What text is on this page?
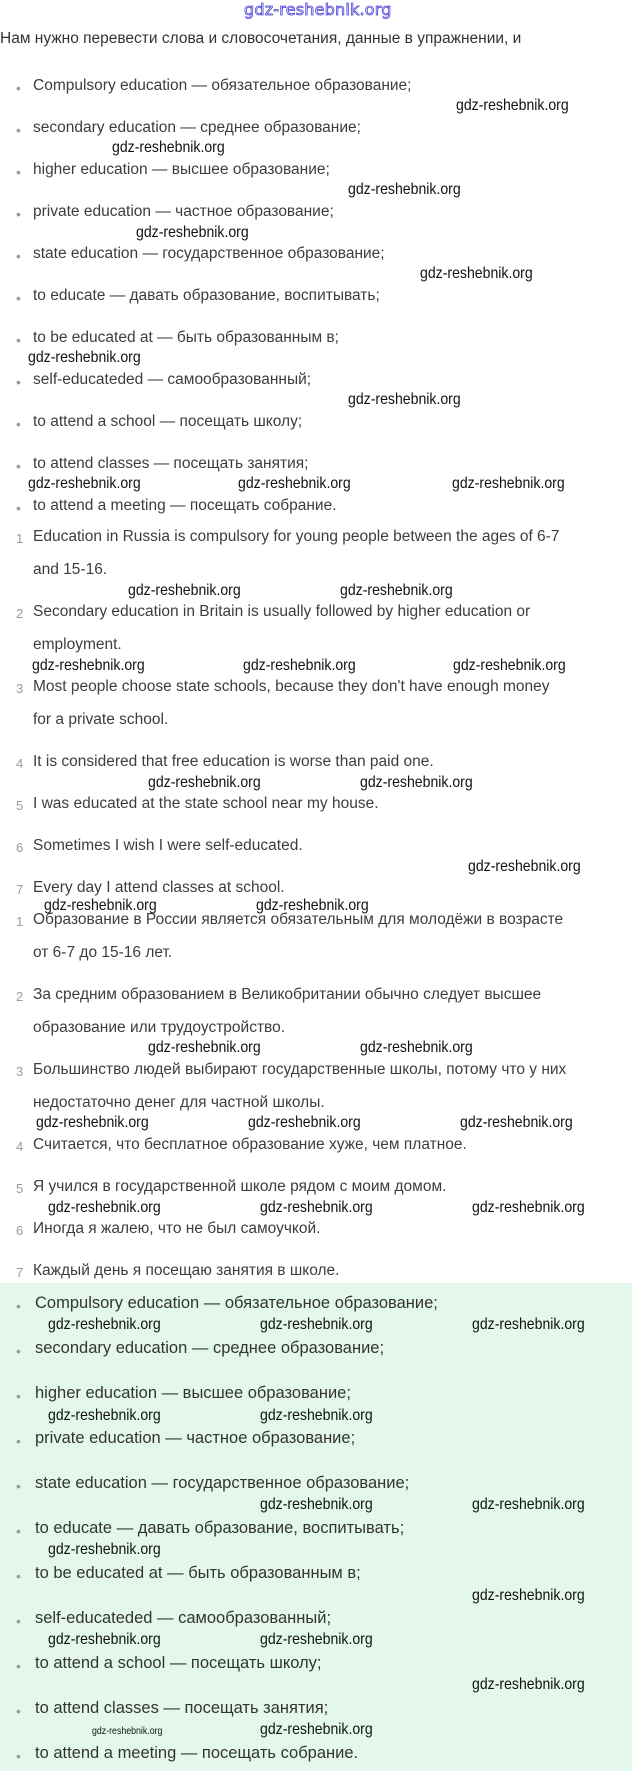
gdz-reshebnik.org
Нам нужно перевести слова и словосочетания, данные в упражнении, и
• Compulsory education — обязательное образование;
• secondary education — среднее образование;
• higher education — высшее образование;
• private education — частное образование;
• state education — государственное образование;
• to educate — давать образование, воспитывать;
• to be educated at — быть образованным в;
• self-educateded — самообразованный;
• to attend a school — посещать школу;
• to attend classes — посещать занятия;
• to attend a meeting — посещать собрание.
1 Education in Russia is compulsory for young people between the ages of 6-7
and 15-16.
2 Secondary education in Britain is usually followed by higher education or
employment.
3 Most people choose state schools, because they don't have enough money
for a private school.
4 It is considered that free education is worse than paid one.
5 I was educated at the state school near my house.
6 Sometimes I wish I were self-educated.
7 Every day I attend classes at school.
1 Образование в России является обязательным для молодёжи в возрасте
от 6-7 до 15-16 лет.
2 За средним образованием в Великобритании обычно следует высшее
образование или трудоустройство.
3 Большинство людей выбирают государственные школы, потому что у них
недостаточно денег для частной школы.
4 Считается, что бесплатное образование хуже, чем платное.
5 Я учился в государственной школе рядом с моим домом.
6 Иногда я жалею, что не был самоучкой.
7 Каждый день я посещаю занятия в школе.
• Compulsory education — обязательное образование;
• secondary education — среднее образование;
• higher education — высшее образование;
• private education — частное образование;
• state education — государственное образование;
• to educate — давать образование, воспитывать;
• to be educated at — быть образованным в;
• self-educateded — самообразованный;
• to attend a school — посещать школу;
• to attend classes — посещать занятия;
• to attend a meeting — посещать собрание.
gdz-reshebnik.org
gdz-reshebnik.org
gdz-reshebnik.org
gdz-reshebnik.org
gdz-reshebnik.org
gdz-reshebnik.org
gdz-reshebnik.org
gdz-reshebnik.org	gdz-reshebnik.org	gdz-reshebnik.org
gdz-reshebnik.org	gdz-reshebnik.org
gdz-reshebnik.org	gdz-reshebnik.org	gdz-reshebnik.org
gdz-reshebnik.org	gdz-reshebnik.org
gdz-reshebnik.org
gdz-reshebnik.org	gdz-reshebnik.org
gdz-reshebnik.org	gdz-reshebnik.org
gdz-reshebnik.org
gdz-reshebnik.org	gdz-reshebnik.org
gdz-reshebnik.org
gdz-reshebnik.org	gdz-reshebnik.org
gdz-reshebnik.org	gdz-reshebnik.org	gdz-reshebnik.org
gdz-reshebnik.org	gdz-reshebnik.org
gdz-reshebnik.org	gdz-reshebnik.org
gdz-reshebnik.org
gdz-reshebnik.org
gdz-reshebnik.org	gdz-reshebnik.org
gdz-reshebnik.org
gdz-reshebnik.org	gdz-reshebnik.org
